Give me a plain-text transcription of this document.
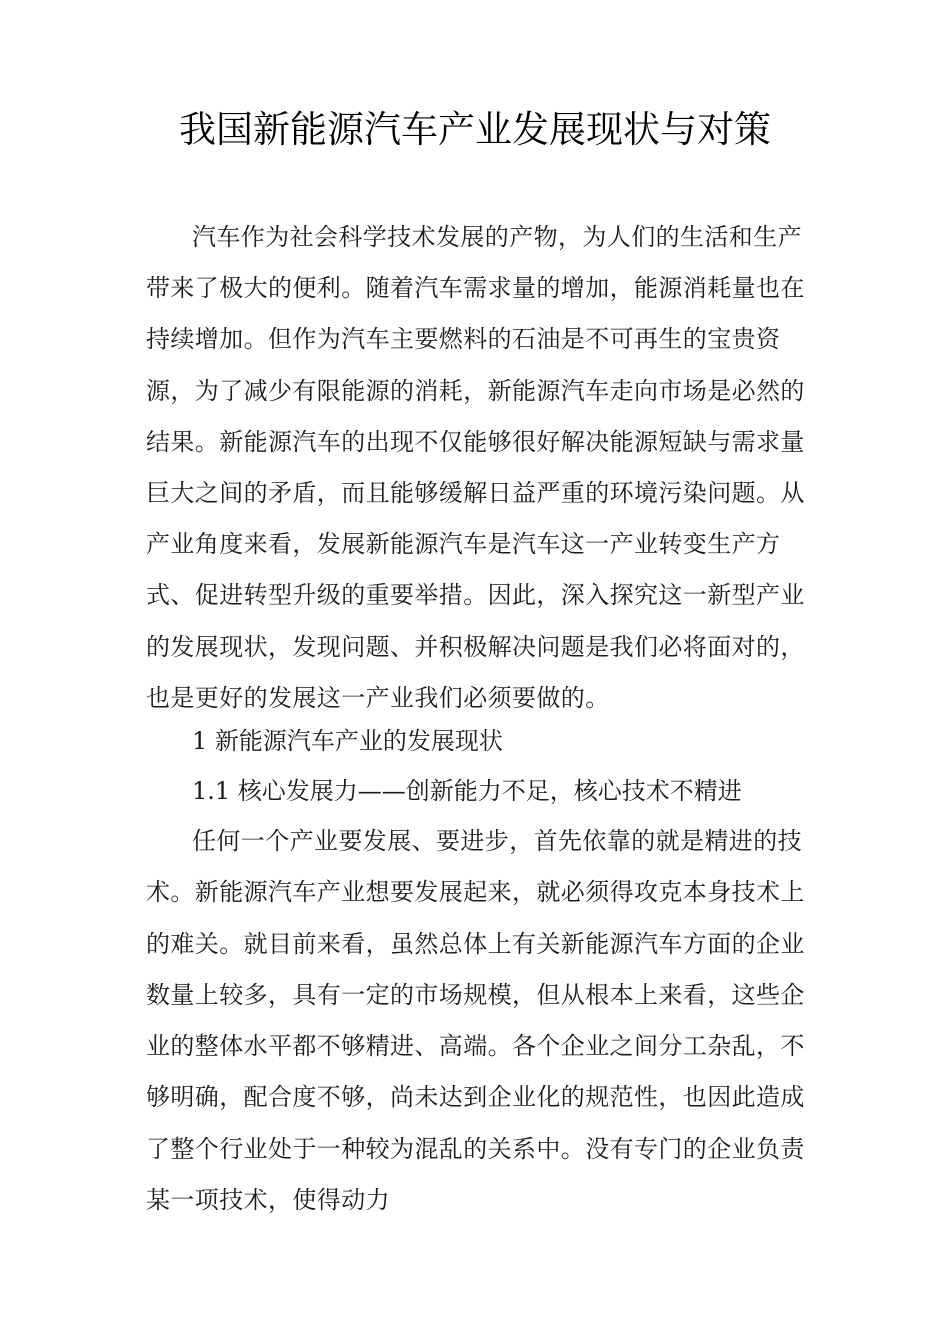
我国新能源汽车产业发展现状与对策

汽车作为社会科学技术发展的产物，为人们的生活和生产带来了极大的便利。随着汽车需求量的增加，能源消耗量也在持续增加。但作为汽车主要燃料的石油是不可再生的宝贵资源，为了减少有限能源的消耗，新能源汽车走向市场是必然的结果。新能源汽车的出现不仅能够很好解决能源短缺与需求量巨大之间的矛盾，而且能够缓解日益严重的环境污染问题。从产业角度来看，发展新能源汽车是汽车这一产业转变生产方式、促进转型升级的重要举措。因此，深入探究这一新型产业的发展现状，发现问题、并积极解决问题是我们必将面对的，也是更好的发展这一产业我们必须要做的。

1 新能源汽车产业的发展现状

1.1 核心发展力——创新能力不足，核心技术不精进

任何一个产业要发展、要进步，首先依靠的就是精进的技术。新能源汽车产业想要发展起来，就必须得攻克本身技术上的难关。就目前来看，虽然总体上有关新能源汽车方面的企业数量上较多，具有一定的市场规模，但从根本上来看，这些企业的整体水平都不够精进、高端。各个企业之间分工杂乱，不够明确，配合度不够，尚未达到企业化的规范性，也因此造成了整个行业处于一种较为混乱的关系中。没有专门的企业负责某一项技术，使得动力
